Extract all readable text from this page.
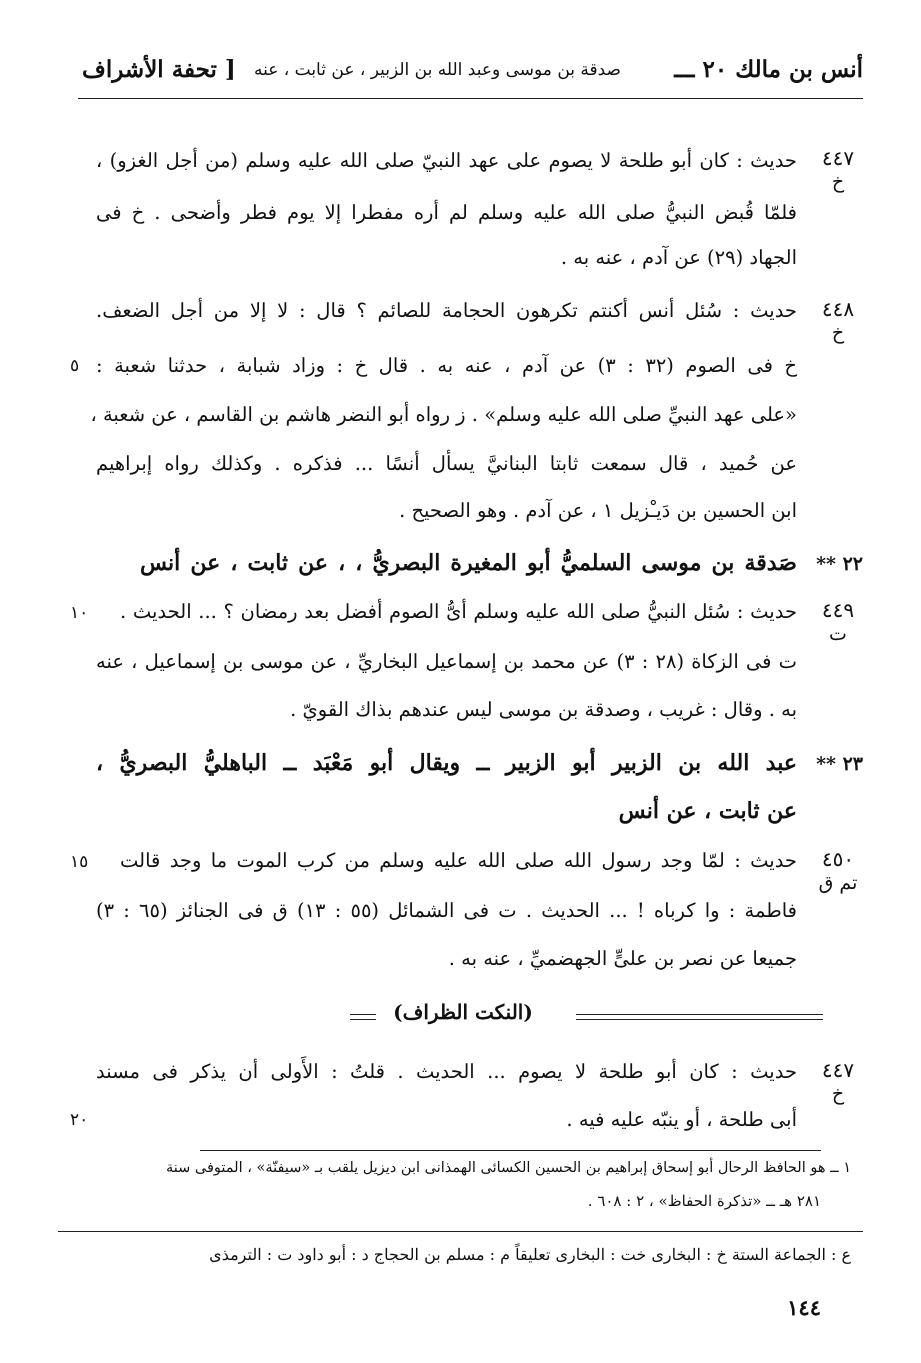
أنس بن مالك ٢٠ ـــ
صدقة بن موسى وعبد الله بن الزبير ، عن ثابت ، عنه
[ تحفة الأشراف
٤٤٧
خ
حديث : كان أبو طلحة لا يصوم على عهد النبيّ صلى الله عليه وسلم (من أجل الغزو) ،
فلمّا قُبض النبيُّ صلى الله عليه وسلم لم أره مفطرا إلا يوم فطر وأضحى . خ فى
الجهاد (٢٩) عن آدم ، عنه به .
٤٤٨
خ
حديث : سُئل أنس أكنتم تكرهون الحجامة للصائم ؟ قال : لا إلا من أجل الضعف.
خ فى الصوم (٣٢ : ٣) عن آدم ، عنه به . قال خ : وزاد شبابة ، حدثنا شعبة :
٥
«على عهد النبيِّ صلى الله عليه وسلم» . ز رواه أبو النضر هاشم بن القاسم ، عن شعبة ،
عن حُميد ، قال سمعت ثابتا البنانيَّ يسأل أنسًا ... فذكره . وكذلك رواه إبراهيم
ابن الحسين بن دَيـْزيل ١ ، عن آدم . وهو الصحيح .
٢٢ **
صَدقة بن موسى السلميُّ أبو المغيرة البصريُّ ، ، عن ثابت ، عن أنس
٤٤٩
ت
حديث : سُئل النبيُّ صلى الله عليه وسلم أىُّ الصوم أفضل بعد رمضان ؟ ... الحديث .
١٠
ت فى الزكاة (٢٨ : ٣) عن محمد بن إسماعيل البخاريِّ ، عن موسى بن إسماعيل ، عنه
به . وقال : غريب ، وصدقة بن موسى ليس عندهم بذاك القويّ .
٢٣ **
عبد الله بن الزبير أبو الزبير ــ ويقال أبو مَعْبَد ــ الباهليُّ البصريُّ ،
عن ثابت ، عن أنس
٤٥٠
تم ق
حديث : لمّا وجد رسول الله صلى الله عليه وسلم من كرب الموت ما وجد قالت
١٥
فاطمة : وا كرباه ! ... الحديث . ت فى الشمائل (٥٥ : ١٣) ق فى الجنائز (٦٥ : ٣)
جميعا عن نصر بن علىٍّ الجهضميِّ ، عنه به .
(النكت الظراف)
٤٤٧
خ
حديث : كان أبو طلحة لا يصوم ... الحديث . قلتُ : الأَولى أن يذكر فى مسند
٢٠	أبى طلحة ، أو ينبّه عليه فيه .
١ ــ هو الحافظ الرحال أبو إسحاق إبراهيم بن الحسين الكسائى الهمذانى ابن ديزيل يلقب بـ «سيفنّة» ، المتوفى سنة
٢٨١ هـ ــ «تذكرة الحفاظ» ، ٢ : ٦٠٨ .
ع : الجماعة الستة خ : البخارى خت : البخارى تعليقاً م : مسلم بن الحجاج د : أبو داود ت : الترمذى
١٤٤
